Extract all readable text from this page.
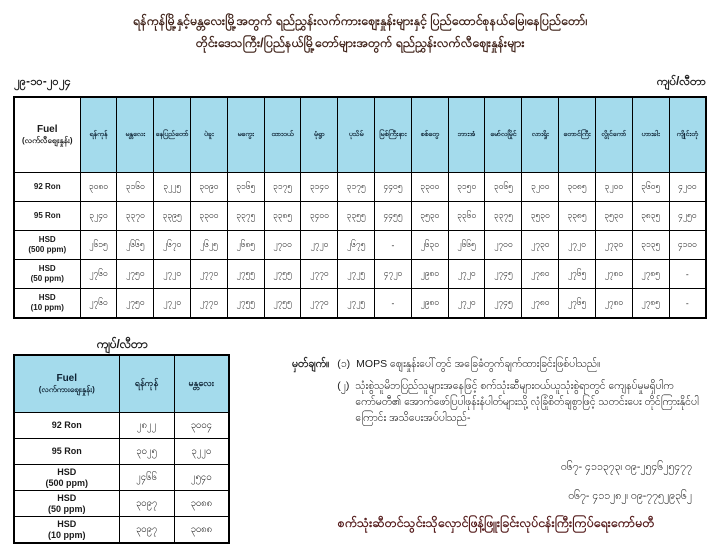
ရန်ကုန်မြို့နှင့်မန္တလေးမြို့အတွက် ရည်ညွှန်းလက်ကားဈေးနှုန်းများနှင့် ပြည်ထောင်စုနယ်မြေ၊နေပြည်တော်၊
တိုင်းဒေသကြီး/ပြည်နယ်မြို့တော်များအတွက် ရည်ညွှန်းလက်လီဈေးနှုန်းများ
၂၉-၁၀-၂၀၂၄	ကျပ်/လီတာ
Fuel
(လက်လီဈေးနှုန်း)	ရန်ကုန်	မန္တလေး	နေပြည်တော်	ပဲခူး	မကွေး	ထားဝယ်	မုံရွာ	ပုသိမ်	မြစ်ကြီးနား	စစ်တွေ	ဘားအံ	မော်လမြိုင်	လားရှိုး	တောင်ကြီး	လွိုင်ကော်	ဟားခါး	ကျိုင်းတုံ

92 Ron	၃၀၈၀	၃၁၆၀	၃၂၂၅	၃၀၉၀	၃၁၆၅	၃၁၇၅	၃၁၄၀	၃၁၇၅	၄၄၀၅	၃၃၀၀	၃၁၅၀	၃၀၆၅	၃၂၀၀	၃၀၈၅	၃၂၀၀	၃၆၀၅	၄၂၀၀

95 Ron	၃၂၄၀	၃၃၇၀	၃၃၉၅	၃၃၀၀	၃၃၇၅	၃၃၈၅	၃၄၀၀	၃၃၅၅	၄၄၅၅	၃၅၃၀	၃၃၆၀	၃၃၇၅	၃၅၃၀	၃၃၈၅	၃၅၃၀	၃၈၃၅	၄၂၅၀

HSD
(500 ppm)	၂၆၁၅	၂၆၆၅	၂၆၇၀	၂၆၂၅	၂၆၈၅	၂၇၀၀	၂၇၂၀	၂၆၇၅	-	၂၆၃၀	၂၆၆၅	၂၇၀၀	၂၇၃၀	၂၇၂၀	၂၇၃၀	၃၁၃၅	၄၁၀၀

HSD
(50 ppm)	၂၇၆၀	၂၇၅၀	၂၇၂၀	၂၇၇၀	၂၇၅၅	၂၇၅၅	၂၇၇၀	၂၇၂၅	၄၇၂၀	၂၉၈၀	၂၇၂၀	၂၇၄၅	၂၇၈၀	၂၇၆၅	၂၇၈၀	၂၇၈၅	-

HSD
(10 ppm)	၂၇၆၀	၂၇၅၀	၂၇၂၀	၂၇၇၀	၂၇၅၅	၂၇၅၅	၂၇၇၀	၂၇၂၅	-	၂၉၈၀	၂၇၂၀	၂၇၄၅	၂၇၈၀	၂၇၆၅	၂၇၈၀	၂၇၈၅	-
ကျပ်/လီတာ
Fuel
(လက်ကားဈေးနှုန်း)	ရန်ကုန်	မန္တလေး

92 Ron	၂၈၂၂	၃၀၀၄

95 Ron	၃၀၂၅	၃၂၂၀

HSD
(500 ppm)	၂၄၆၆	၂၅၄၀

HSD
(50 ppm)	၃၀၉၇	၃၀၈၈

HSD
(10 ppm)	၃၀၉၇	၃၀၈၈
မှတ်ချက်။ (၁) MOPS ဈေးနှုန်းပေါ်တွင် အခြေခံတွက်ချက်ထားခြင်းဖြစ်ပါသည်။
(၂) သုံးစွဲသူမိဘပြည်သူများအနေဖြင့် စက်သုံးဆီများဝယ်ယူသုံးစွဲရာတွင် ကျေနပ်မှုမရှိပါက ကော်မတီ၏ အောက်ဖော်ပြပါဖုန်းနံပါတ်များသို့ လုံခြုံစိတ်ချစွာဖြင့် သတင်းပေး တိုင်ကြားနိုင်ပါကြောင်း အသိပေးအပ်ပါသည်-
၀၆၇- ၄၁၁၃၇၃၊ ၀၉-၂၅၄၆၂၅၄၇၇
၀၆၇- ၄၁၁၂၈၂၊ ၀၉-၇၇၅၂၉၃၆၂
စက်သုံးဆီတင်သွင်းသိုလှောင်ဖြန့်ဖြူးခြင်းလုပ်ငန်းကြီးကြပ်ရေးကော်မတီ
